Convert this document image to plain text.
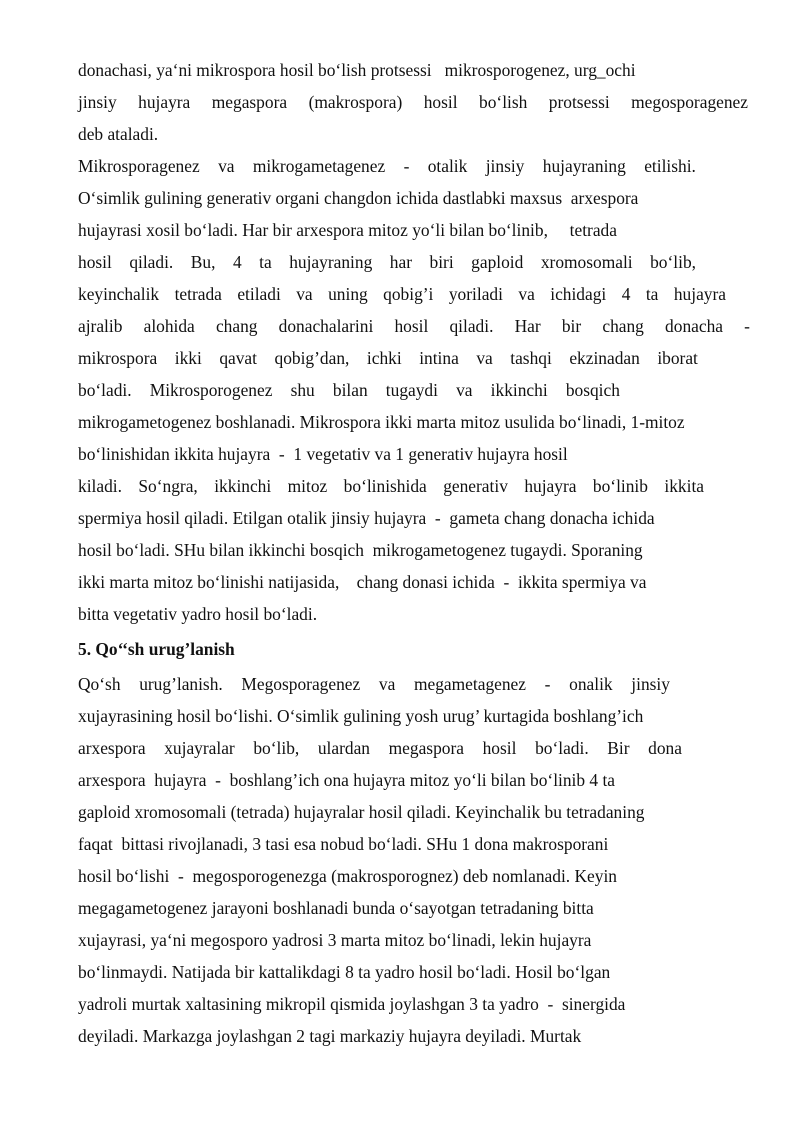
donachasi, ya‘ni mikrospora hosil bo‘lish protsessi   mikrosporogenez, urg_ochi
jinsiy hujayra megaspora (makrospora) hosil bo‘lish protsessi megosporagenez
deb ataladi.
Mikrosporagenez va mikrogametagenez - otalik jinsiy hujayraning etilishi.
O‘simlik gulining generativ organi changdon ichida dastlabki maxsus  arxespora
hujayrasi xosil bo‘ladi. Har bir arxespora mitoz yo‘li bilan bo‘linib,     tetrada
hosil qiladi. Bu, 4 ta hujayraning har biri gaploid xromosomali bo‘lib,
keyinchalik tetrada etiladi va uning qobig’i yoriladi va ichidagi 4 ta hujayra
ajralib alohida chang donachalarini hosil qiladi. Har bir chang donacha -
mikrospora ikki qavat qobig’dan, ichki intina va tashqi ekzinadan iborat
bo‘ladi. Mikrosporogenez shu bilan tugaydi va ikkinchi bosqich
mikrogametogenez boshlanadi. Mikrospora ikki marta mitoz usulida bo‘linadi, 1-mitoz
bo‘linishidan ikkita hujayra  -  1 vegetativ va 1 generativ hujayra hosil
kiladi. So‘ngra, ikkinchi mitoz bo‘linishida generativ hujayra bo‘linib ikkita
spermiya hosil qiladi. Etilgan otalik jinsiy hujayra  -  gameta chang donacha ichida
hosil bo‘ladi. SHu bilan ikkinchi bosqich  mikrogametogenez tugaydi. Sporaning
ikki marta mitoz bo‘linishi natijasida,    chang donasi ichida  -  ikkita spermiya va
bitta vegetativ yadro hosil bo‘ladi.
5. Qo‘‘sh urug’lanish
Qo‘sh urug’lanish. Megosporagenez va megametagenez - onalik jinsiy
xujayrasining hosil bo‘lishi. O‘simlik gulining yosh urug’ kurtagida boshlang’ich
arxespora xujayralar bo‘lib, ulardan megaspora hosil bo‘ladi. Bir dona
arxespora  hujayra  -  boshlang’ich ona hujayra mitoz yo‘li bilan bo‘linib 4 ta
gaploid xromosomali (tetrada) hujayralar hosil qiladi. Keyinchalik bu tetradaning
faqat  bittasi rivojlanadi, 3 tasi esa nobud bo‘ladi. SHu 1 dona makrosporani
hosil bo‘lishi  -  megosporogenezga (makrosporognez) deb nomlanadi. Keyin
megagametogenez jarayoni boshlanadi bunda o‘sayotgan tetradaning bitta
xujayrasi, ya‘ni megosporo yadrosi 3 marta mitoz bo‘linadi, lekin hujayra
bo‘linmaydi. Natijada bir kattalikdagi 8 ta yadro hosil bo‘ladi. Hosil bo‘lgan
yadroli murtak xaltasining mikropil qismida joylashgan 3 ta yadro  -  sinergida
deyiladi. Markazga joylashgan 2 tagi markaziy hujayra deyiladi. Murtak
